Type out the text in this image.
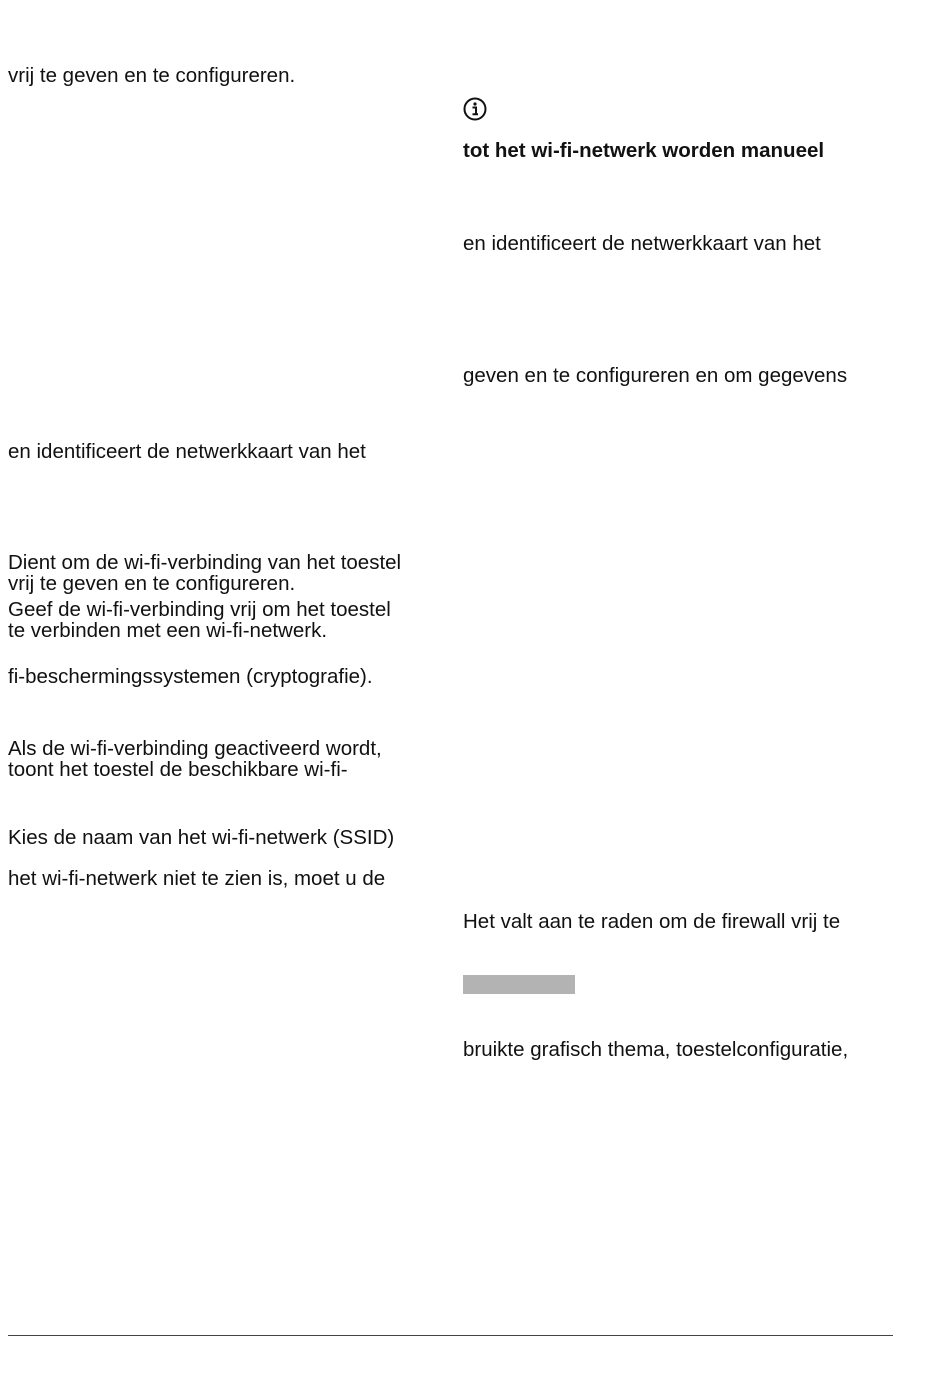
vrij te geven en te configureren.
en identificeert de netwerkkaart van het
Dient om de wi-fi-verbinding van het toestel
vrij te geven en te configureren.
Geef de wi-fi-verbinding vrij om het toestel
te verbinden met een wi-fi-netwerk.
fi-beschermingssystemen (cryptografie).
Als de wi-fi-verbinding geactiveerd wordt,
toont het toestel de beschikbare wi-fi-
Kies de naam van het wi-fi-netwerk (SSID)
het wi-fi-netwerk niet te zien is, moet u de
tot het wi-fi-netwerk worden manueel
en identificeert de netwerkkaart van het
geven en te configureren en om gegevens
Het valt aan te raden om de firewall vrij te
bruikte grafisch thema, toestelconfiguratie,
